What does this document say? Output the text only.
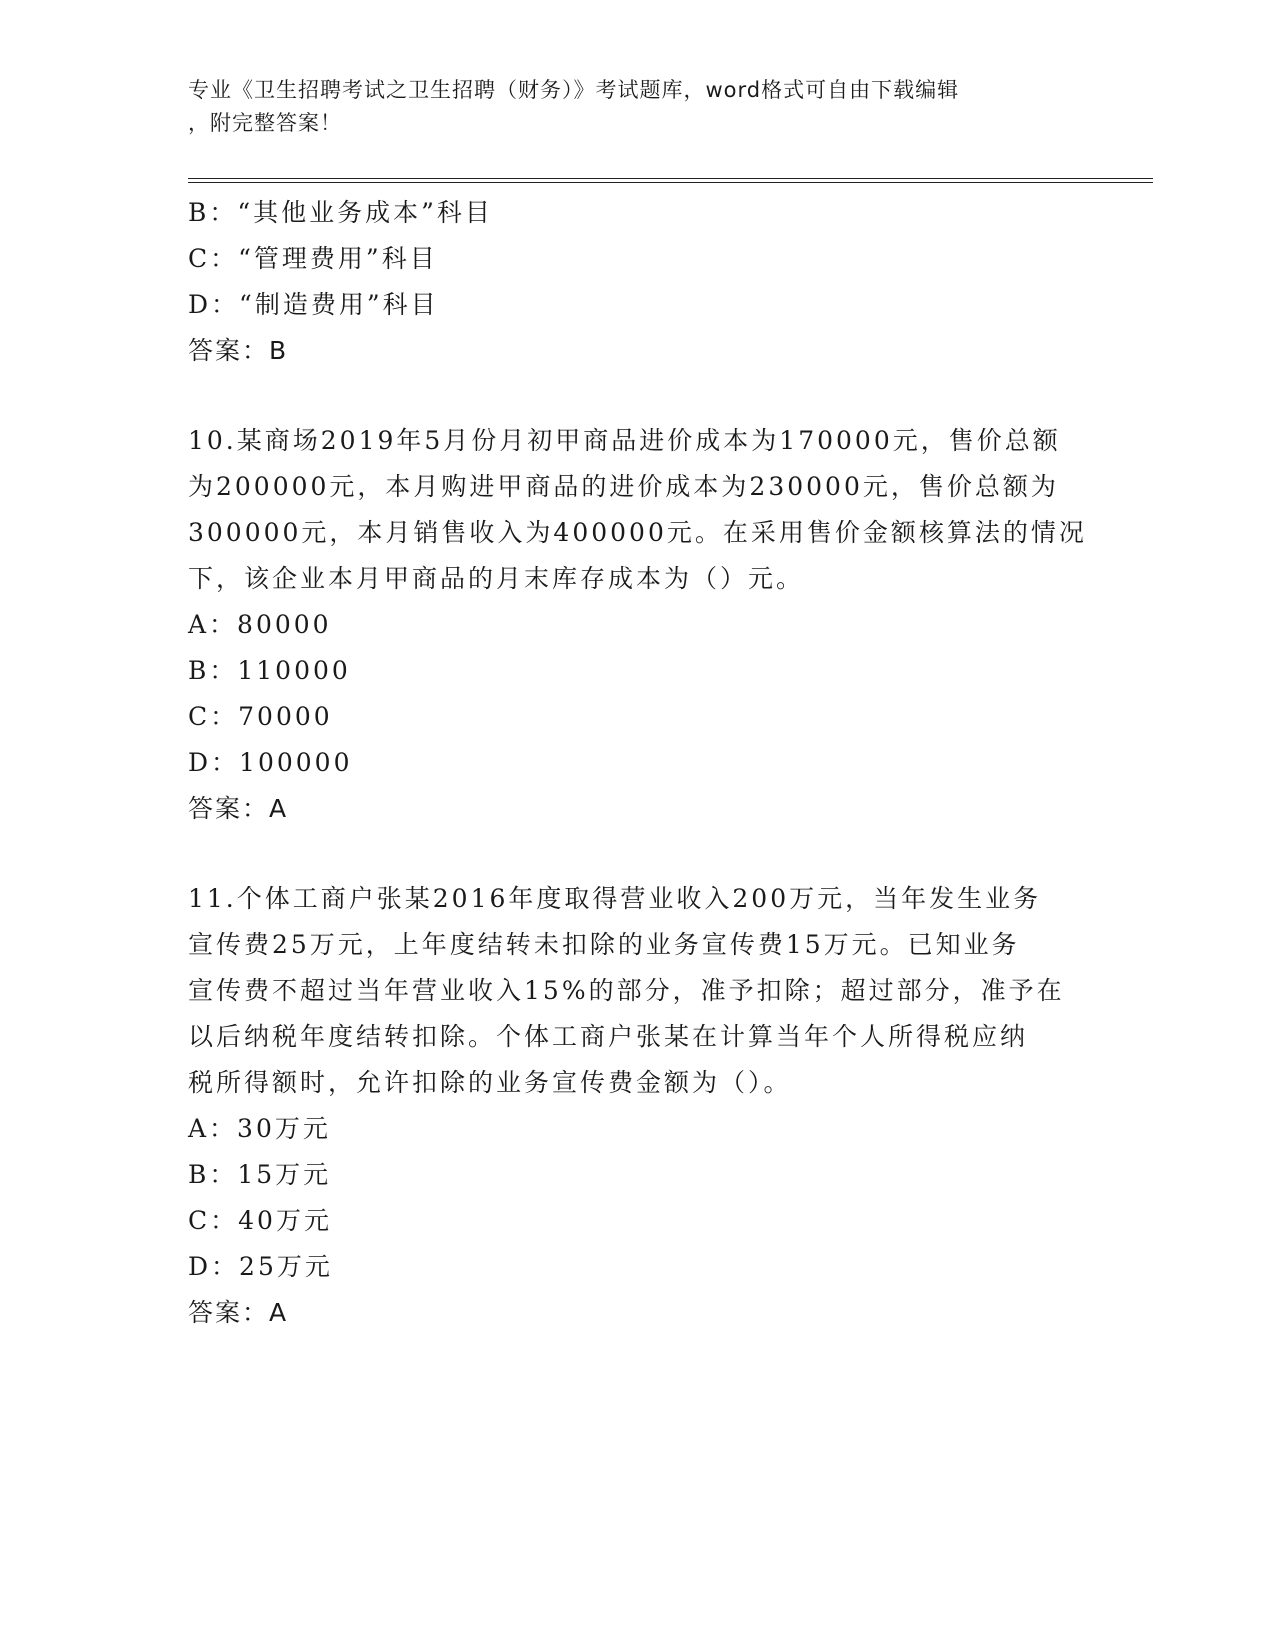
专业《卫生招聘考试之卫生招聘（财务）》考试题库，word格式可自由下载编辑
，附完整答案！
B：“其他业务成本”科目
C：“管理费用”科目
D：“制造费用”科目
答案：B
10.某商场2019年5月份月初甲商品进价成本为170000元，售价总额
为200000元，本月购进甲商品的进价成本为230000元，售价总额为
300000元，本月销售收入为400000元。在采用售价金额核算法的情况
下，该企业本月甲商品的月末库存成本为（）元。
A：80000
B：110000
C：70000
D：100000
答案：A
11.个体工商户张某2016年度取得营业收入200万元，当年发生业务
宣传费25万元，上年度结转未扣除的业务宣传费15万元。已知业务
宣传费不超过当年营业收入15%的部分，准予扣除；超过部分，准予在
以后纳税年度结转扣除。个体工商户张某在计算当年个人所得税应纳
税所得额时，允许扣除的业务宣传费金额为（）。
A：30万元
B：15万元
C：40万元
D：25万元
答案：A
